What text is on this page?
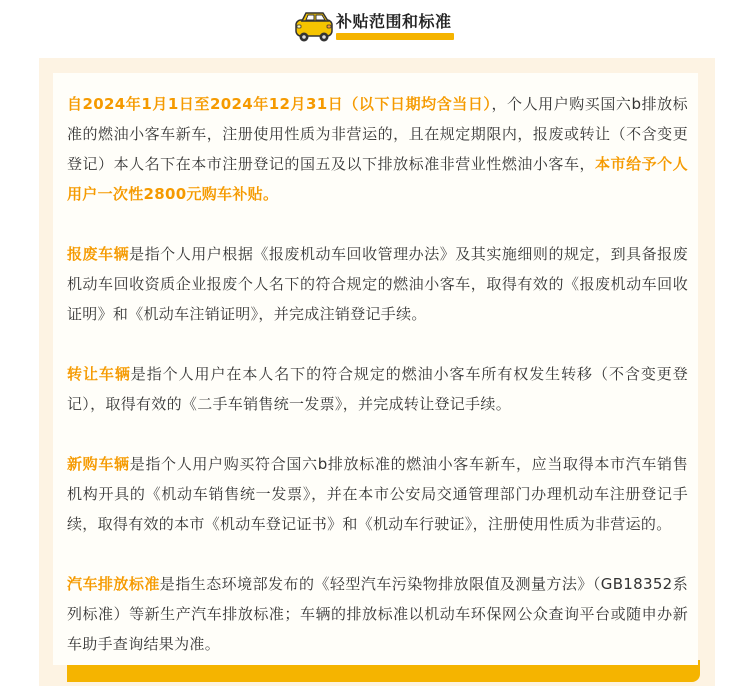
补贴范围和标准

自2024年1月1日至2024年12月31日（以下日期均含当日），个人用户购买国六b排放标准的燃油小客车新车，注册使用性质为非营运的，且在规定期限内，报废或转让（不含变更登记）本人名下在本市注册登记的国五及以下排放标准非营业性燃油小客车，本市给予个人用户一次性2800元购车补贴。

报废车辆是指个人用户根据《报废机动车回收管理办法》及其实施细则的规定，到具备报废机动车回收资质企业报废个人名下的符合规定的燃油小客车，取得有效的《报废机动车回收证明》和《机动车注销证明》，并完成注销登记手续。

转让车辆是指个人用户在本人名下的符合规定的燃油小客车所有权发生转移（不含变更登记），取得有效的《二手车销售统一发票》，并完成转让登记手续。

新购车辆是指个人用户购买符合国六b排放标准的燃油小客车新车，应当取得本市汽车销售机构开具的《机动车销售统一发票》，并在本市公安局交通管理部门办理机动车注册登记手续，取得有效的本市《机动车登记证书》和《机动车行驶证》，注册使用性质为非营运的。

汽车排放标准是指生态环境部发布的《轻型汽车污染物排放限值及测量方法》（GB18352系列标准）等新生产汽车排放标准；车辆的排放标准以机动车环保网公众查询平台或随申办新车助手查询结果为准。
